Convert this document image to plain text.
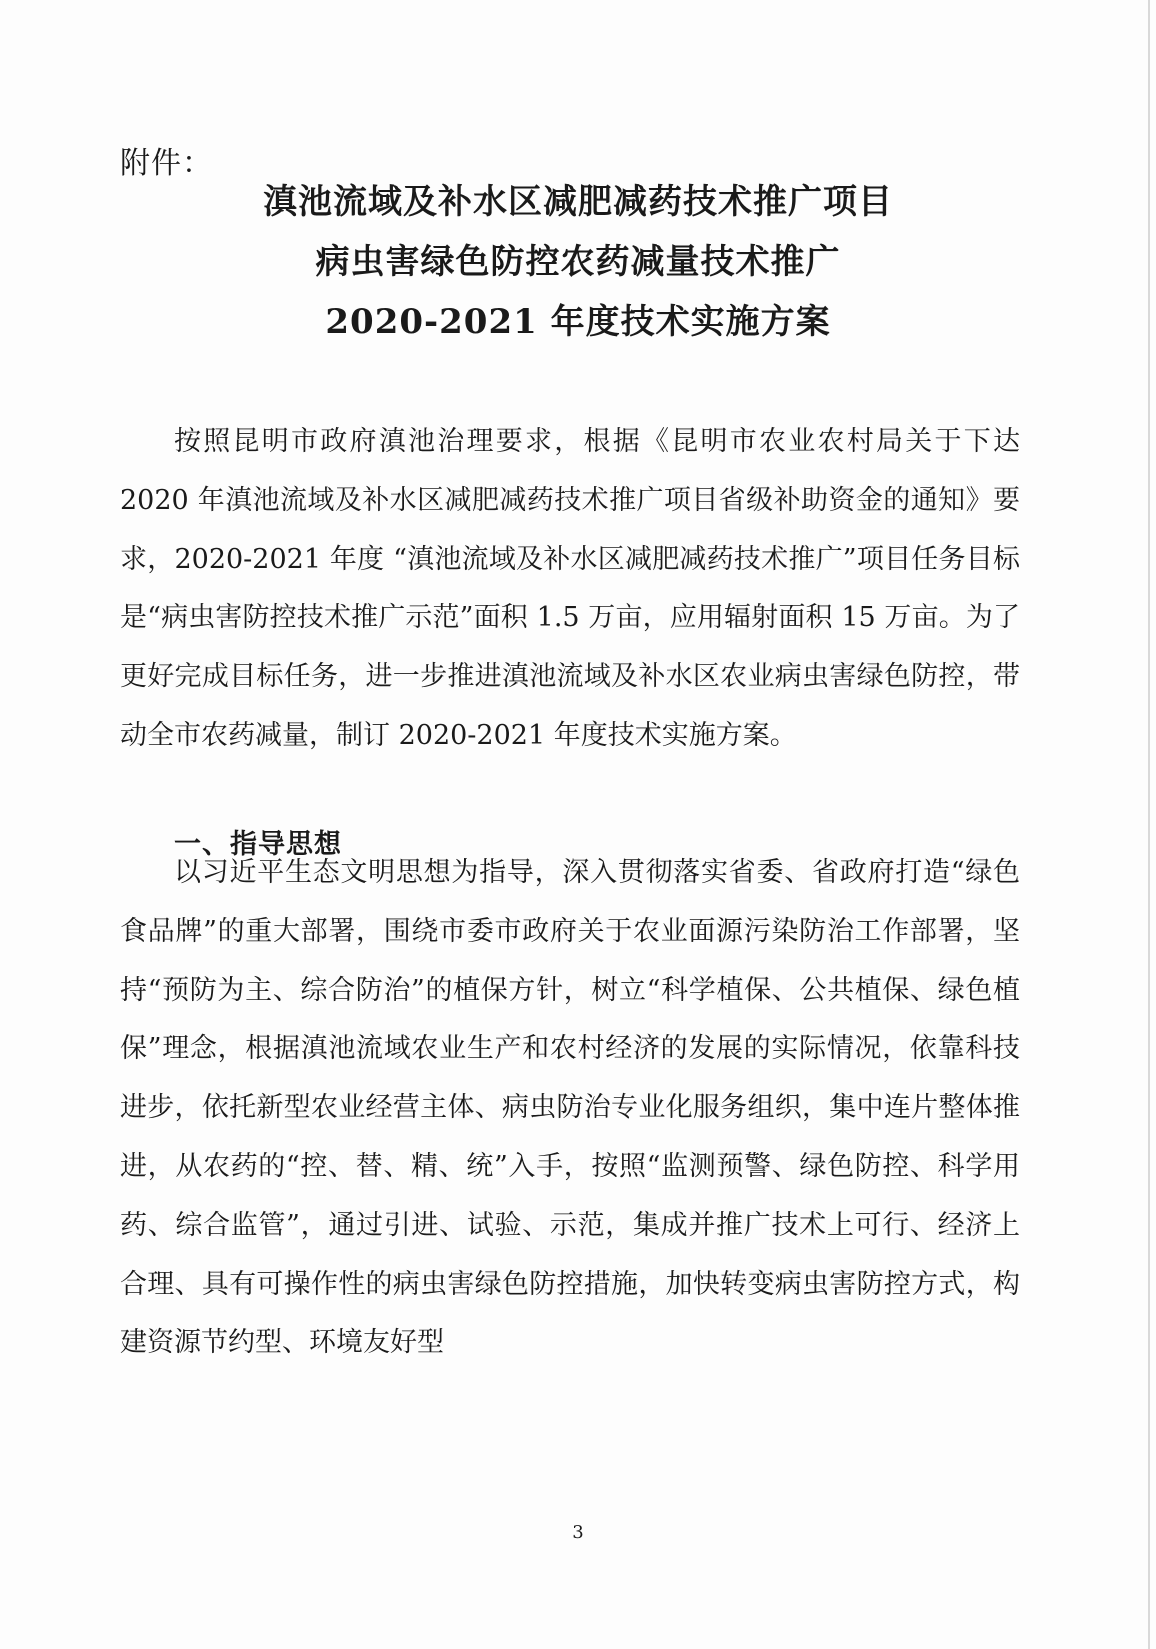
附件：
滇池流域及补水区减肥减药技术推广项目
病虫害绿色防控农药减量技术推广
2020-2021 年度技术实施方案

按照昆明市政府滇池治理要求，根据《昆明市农业农村局关于下达 2020 年滇池流域及补水区减肥减药技术推广项目省级补助资金的通知》要求，2020-2021 年度 “滇池流域及补水区减肥减药技术推广”项目任务目标是“病虫害防控技术推广示范”面积 1.5 万亩，应用辐射面积 15 万亩。为了更好完成目标任务，进一步推进滇池流域及补水区农业病虫害绿色防控，带动全市农药减量，制订 2020-2021 年度技术实施方案。

一、指导思想

以习近平生态文明思想为指导，深入贯彻落实省委、省政府打造“绿色食品牌”的重大部署，围绕市委市政府关于农业面源污染防治工作部署，坚持“预防为主、综合防治”的植保方针，树立“科学植保、公共植保、绿色植保”理念，根据滇池流域农业生产和农村经济的发展的实际情况，依靠科技进步，依托新型农业经营主体、病虫防治专业化服务组织，集中连片整体推进，从农药的“控、替、精、统”入手，按照“监测预警、绿色防控、科学用药、综合监管”，通过引进、试验、示范，集成并推广技术上可行、经济上合理、具有可操作性的病虫害绿色防控措施，加快转变病虫害防控方式，构建资源节约型、环境友好型

3
